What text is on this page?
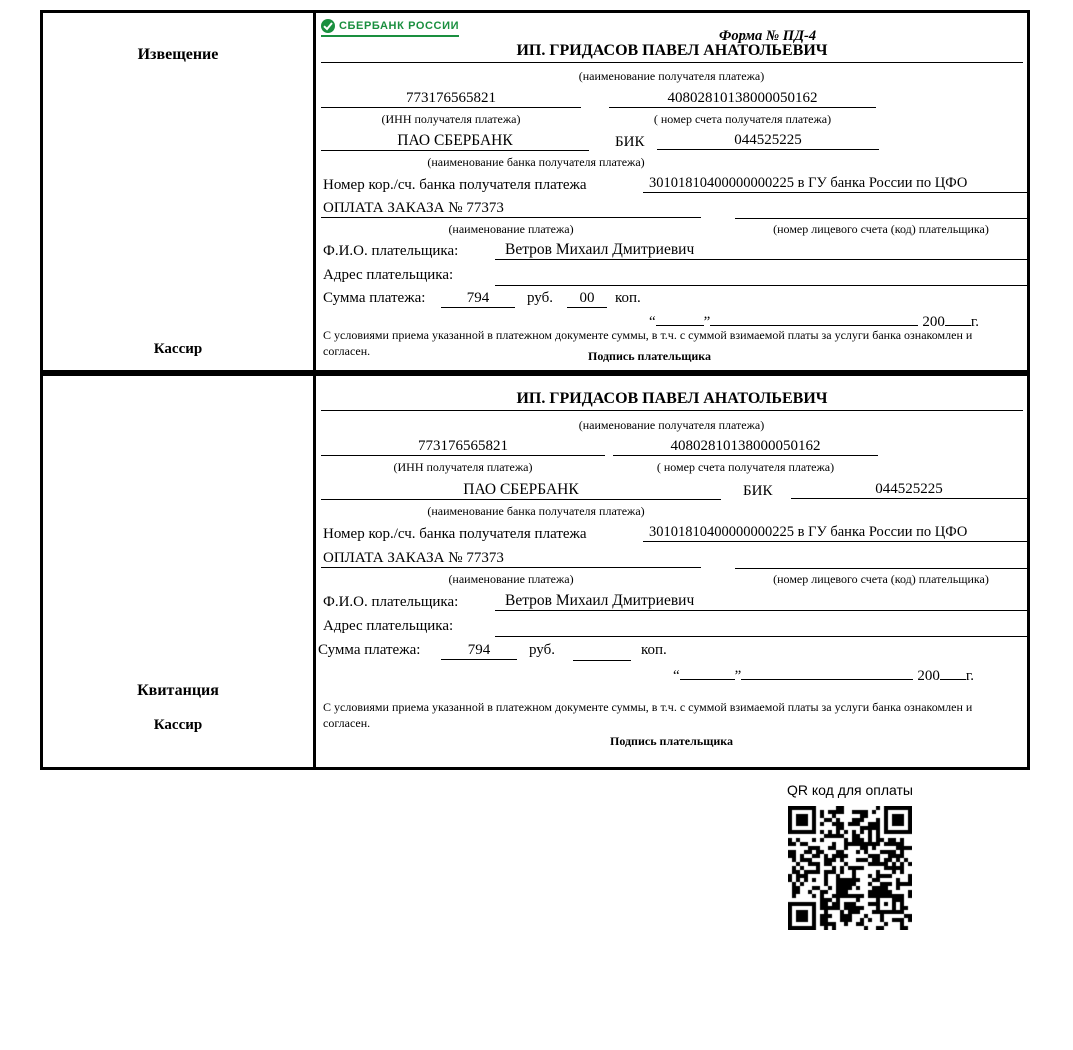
Извещение
Кассир
СБЕРБАНК РОССИИ
Форма № ПД-4
ИП. ГРИДАСОВ ПАВЕЛ АНАТОЛЬЕВИЧ
(наименование получателя платежа)
773176565821	40802810138000050162
(ИНН получателя платежа)	( номер счета получателя платежа)
ПАО СБЕРБАНК	БИК	044525225
(наименование банка получателя платежа)
Номер кор./сч. банка получателя платежа	30101810400000000225 в ГУ банка России по ЦФО
ОПЛАТА ЗАКАЗА № 77373
(наименование платежа)	(номер лицевого счета (код) плательщика)
Ф.И.О. плательщика:	Ветров Михаил Дмитриевич
Адрес плательщика:
Сумма платежа:	794	руб.	00	коп.
“	”	200 г.
С условиями приема указанной в платежном документе суммы, в т.ч. с суммой взимаемой платы за услуги банка ознакомлен и согласен.	Подпись плательщика
Квитанция
Кассир
ИП. ГРИДАСОВ ПАВЕЛ АНАТОЛЬЕВИЧ
(наименование получателя платежа)
773176565821	40802810138000050162
(ИНН получателя платежа)	( номер счета получателя платежа)
ПАО СБЕРБАНК	БИК	044525225
(наименование банка получателя платежа)
Номер кор./сч. банка получателя платежа	30101810400000000225 в ГУ банка России по ЦФО
ОПЛАТА ЗАКАЗА № 77373
(наименование платежа)	(номер лицевого счета (код) плательщика)
Ф.И.О. плательщика:	Ветров Михаил Дмитриевич
Адрес плательщика:
Сумма платежа:	794	руб.	коп.
“	”	200 г.
С условиями приема указанной в платежном документе суммы, в т.ч. с суммой взимаемой платы за услуги банка ознакомлен и согласен.
Подпись плательщика
QR код для оплаты
